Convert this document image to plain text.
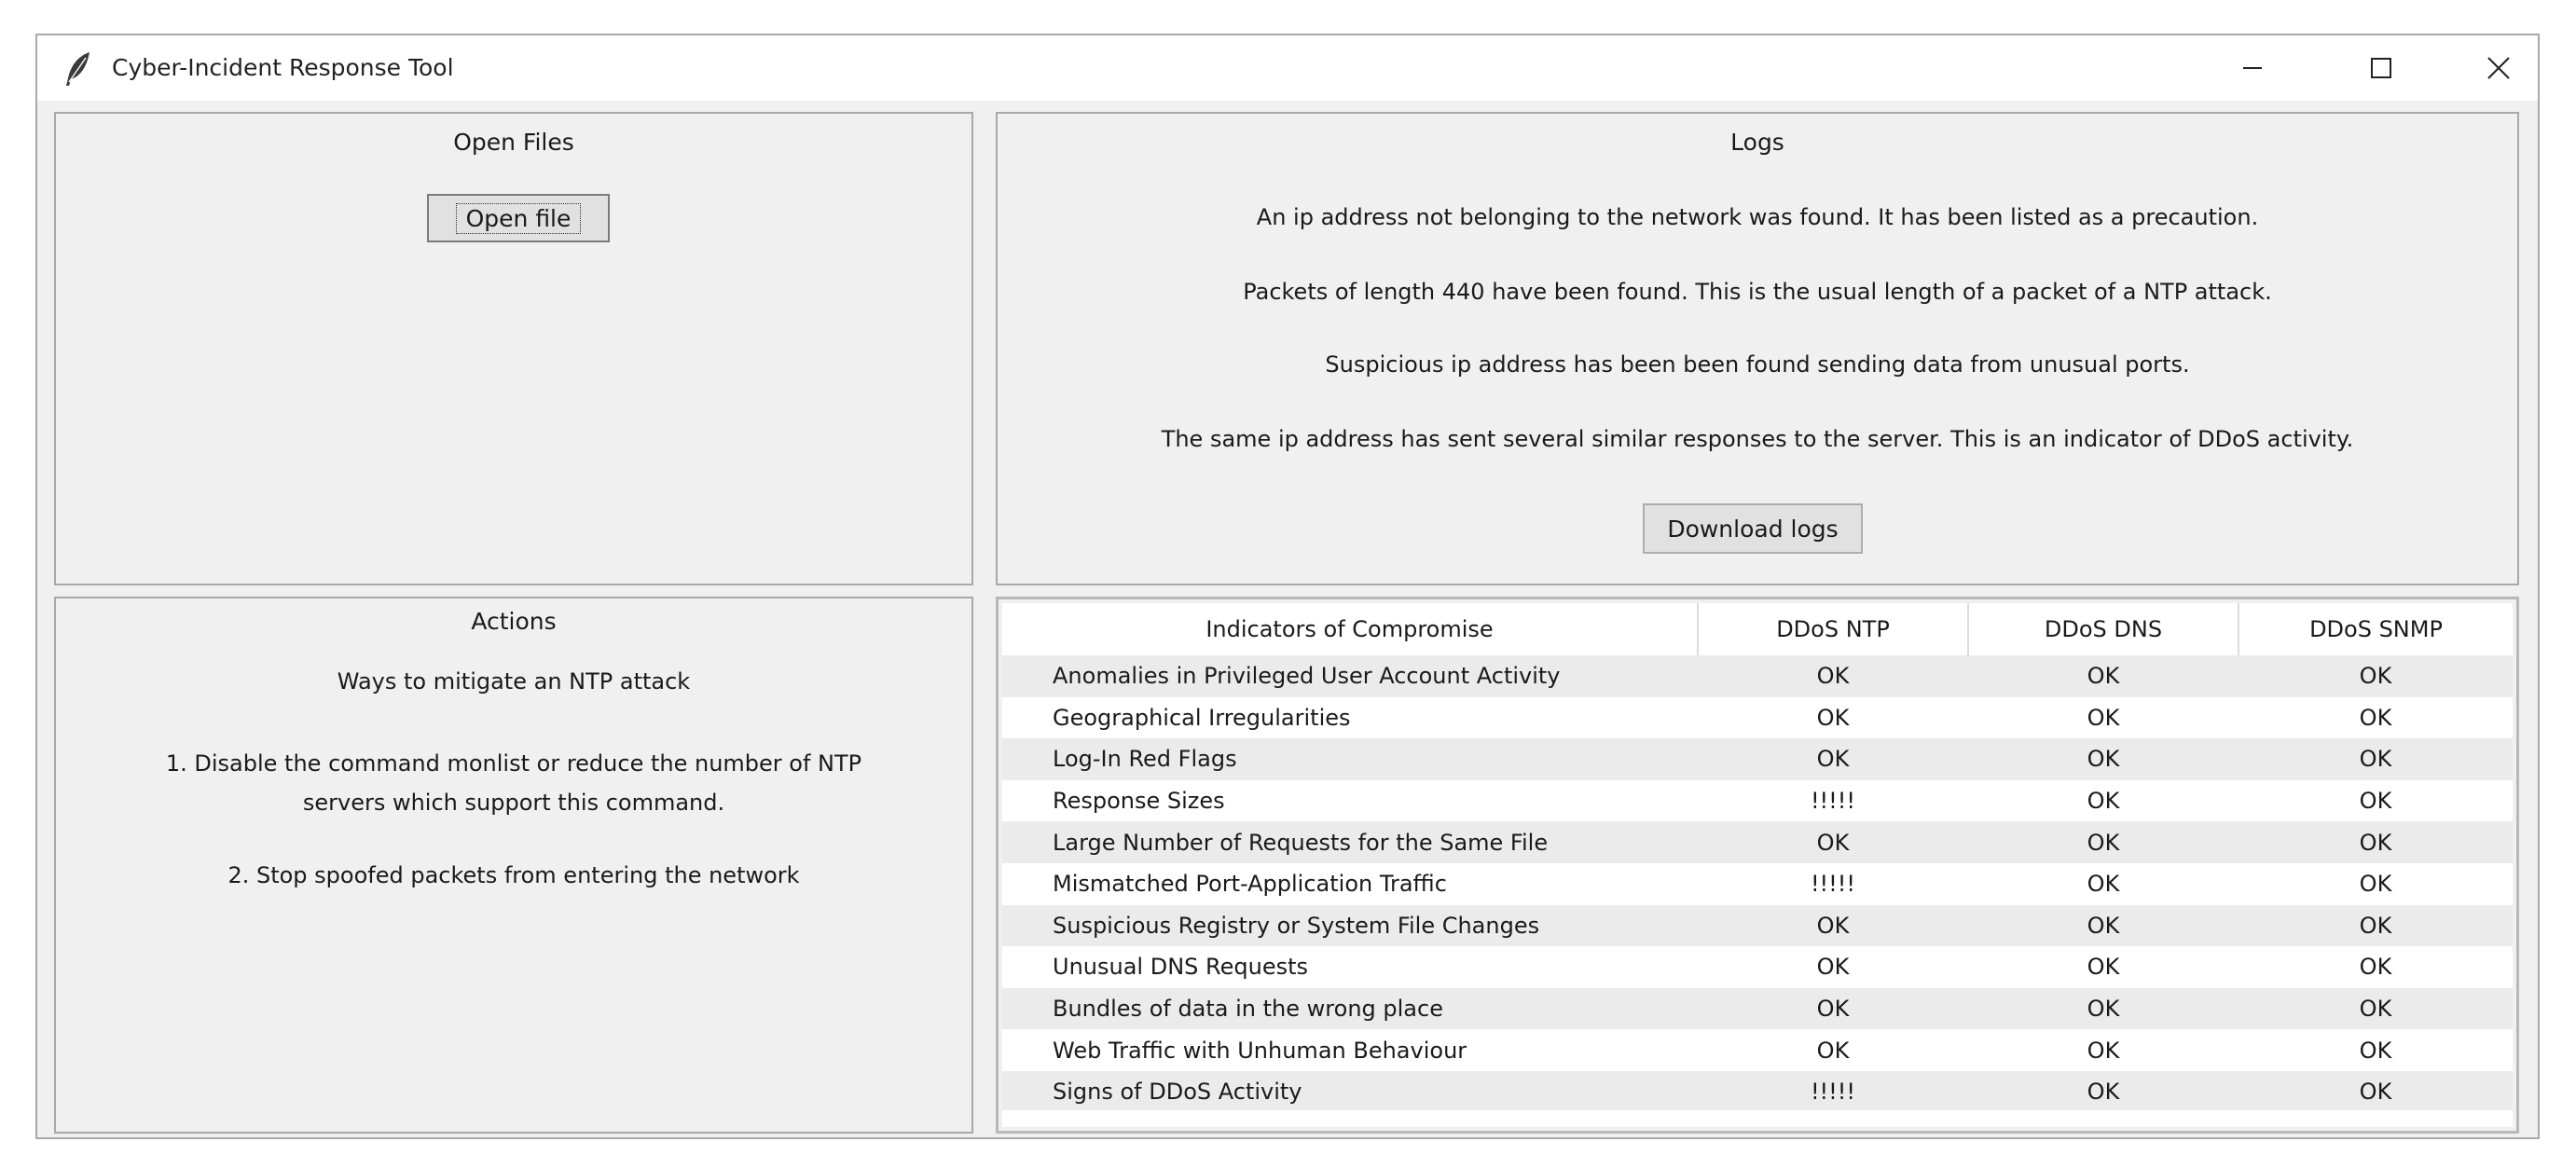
Cyber-Incident Response Tool
Open Files
Open file
Logs
An ip address not belonging to the network was found. It has been listed as a precaution.
Packets of length 440 have been found. This is the usual length of a packet of a NTP attack.
Suspicious ip address has been been found sending data from unusual ports.
The same ip address has sent several similar responses to the server. This is an indicator of DDoS activity.
Download logs
Actions
Ways to mitigate an NTP attack
1. Disable the command monlist or reduce the number of NTP servers which support this command.
2. Stop spoofed packets from entering the network
Indicators of Compromise	DDoS NTP	DDoS DNS	DDoS SNMP
Anomalies in Privileged User Account Activity	OK	OK	OK
Geographical Irregularities	OK	OK	OK
Log-In Red Flags	OK	OK	OK
Response Sizes	!!!!!	OK	OK
Large Number of Requests for the Same File	OK	OK	OK
Mismatched Port-Application Traffic	!!!!!	OK	OK
Suspicious Registry or System File Changes	OK	OK	OK
Unusual DNS Requests	OK	OK	OK
Bundles of data in the wrong place	OK	OK	OK
Web Traffic with Unhuman Behaviour	OK	OK	OK
Signs of DDoS Activity	!!!!!	OK	OK
